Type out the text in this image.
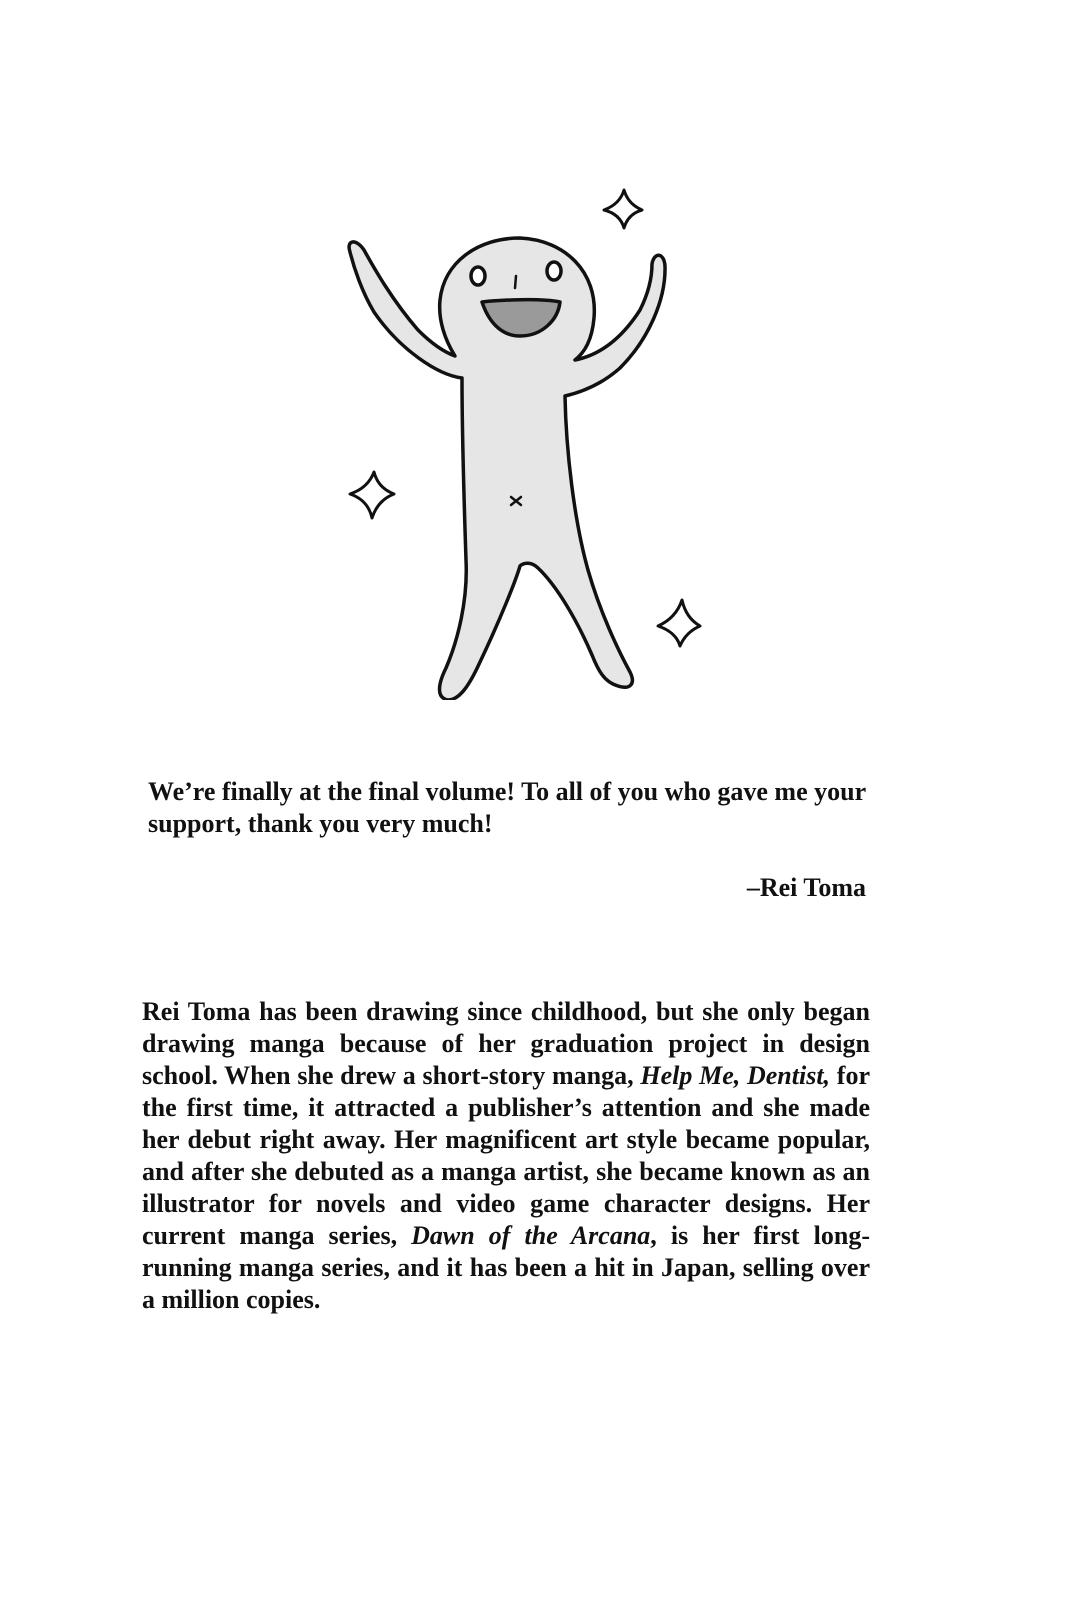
We’re finally at the final volume! To all of you who gave me your support, thank you very much!
–Rei Toma

Rei Toma has been drawing since childhood, but she only began drawing manga because of her graduation project in design school. When she drew a short-story manga, Help Me, Dentist, for the first time, it attracted a publisher’s attention and she made her debut right away. Her magnificent art style became popular, and after she debuted as a manga artist, she became known as an illustrator for novels and video game character designs. Her current manga series, Dawn of the Arcana, is her first long-running manga series, and it has been a hit in Japan, selling over a million copies.
